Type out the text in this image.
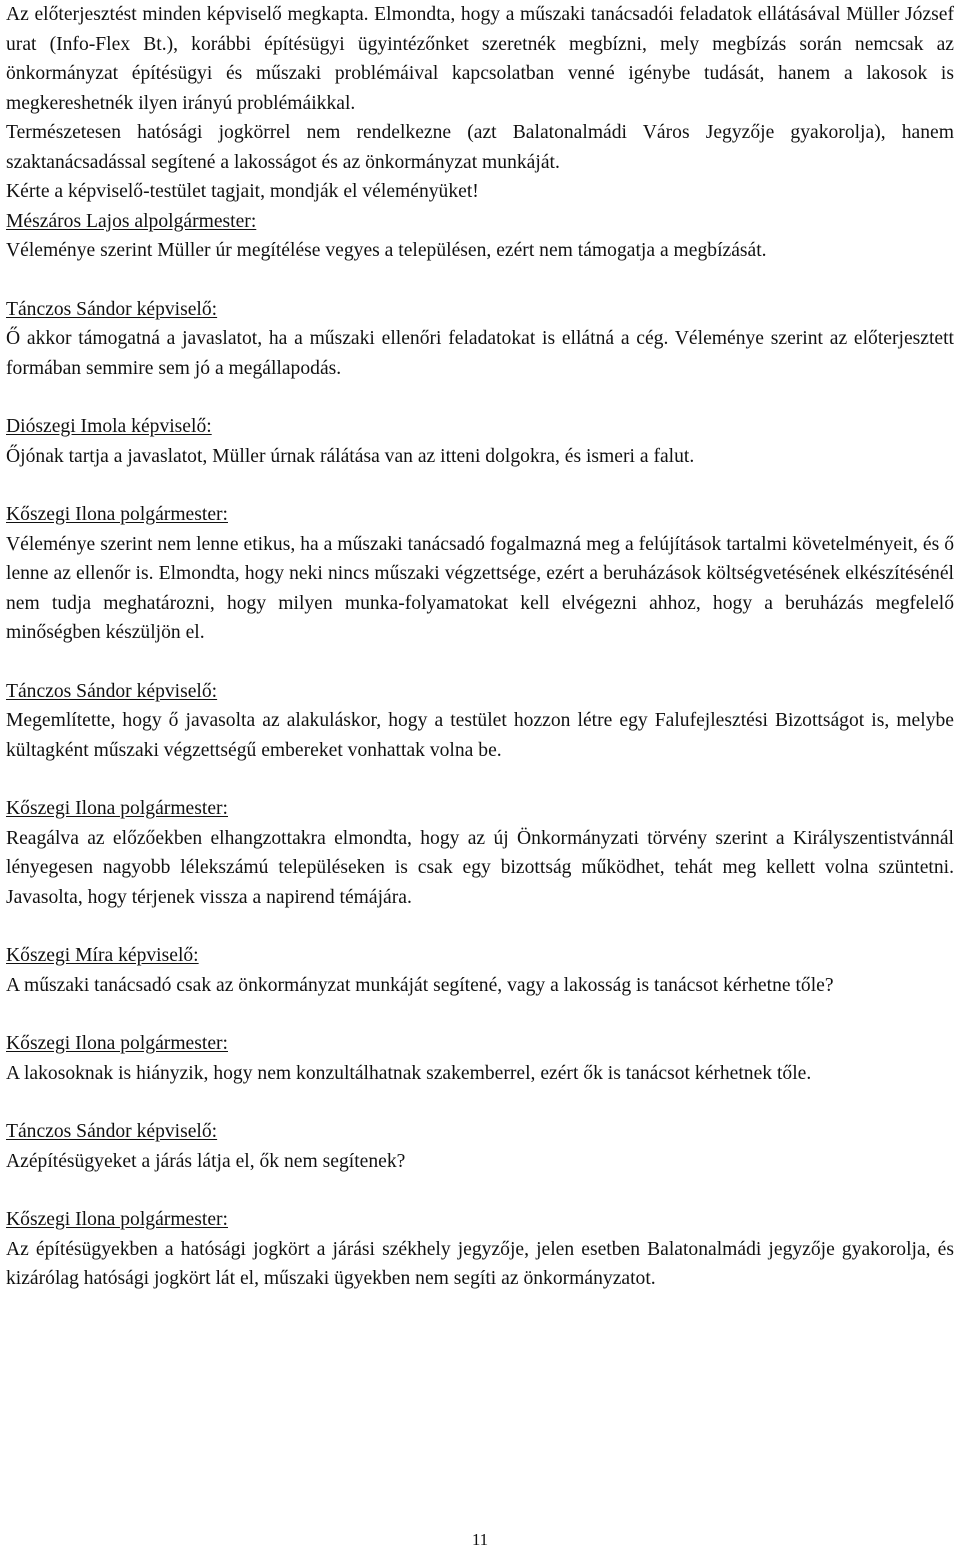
Az előterjesztést minden képviselő megkapta. Elmondta, hogy a műszaki tanácsadói feladatok ellátásával Müller József urat (Info-Flex Bt.), korábbi építésügyi ügyintézőnket szeretnék megbízni, mely megbízás során nemcsak az önkormányzat építésügyi és műszaki problémáival kapcsolatban venné igénybe tudását, hanem a lakosok is megkereshetnék ilyen irányú problémáikkal.

Természetesen hatósági jogkörrel nem rendelkezne (azt Balatonalmádi Város Jegyzője gyakorolja), hanem szaktanácsadással segítené a lakosságot és az önkormányzat munkáját.

Kérte a képviselő-testület tagjait, mondják el véleményüket!

Mészáros Lajos alpolgármester:

Véleménye szerint Müller úr megítélése vegyes a településen, ezért nem támogatja a megbízását.

Tánczos Sándor képviselő:

Ő akkor támogatná a javaslatot, ha a műszaki ellenőri feladatokat is ellátná a cég. Véleménye szerint az előterjesztett formában semmire sem jó a megállapodás.

Diószegi Imola képviselő:

Őjónak tartja a javaslatot, Müller úrnak rálátása van az itteni dolgokra, és ismeri a falut.

Kőszegi Ilona polgármester:

Véleménye szerint nem lenne etikus, ha a műszaki tanácsadó fogalmazná meg a felújítások tartalmi követelményeit, és ő lenne az ellenőr is. Elmondta, hogy neki nincs műszaki végzettsége, ezért a beruházások költségvetésének elkészítésénél nem tudja meghatározni, hogy milyen munka-folyamatokat kell elvégezni ahhoz, hogy a beruházás megfelelő minőségben készüljön el.

Tánczos Sándor képviselő:

Megemlítette, hogy ő javasolta az alakuláskor, hogy a testület hozzon létre egy Falufejlesztési Bizottságot is, melybe kültagként műszaki végzettségű embereket vonhattak volna be.

Kőszegi Ilona polgármester:

Reagálva az előzőekben elhangzottakra elmondta, hogy az új Önkormányzati törvény szerint a Királyszentistvánnál lényegesen nagyobb lélekszámú településeken is csak egy bizottság működhet, tehát meg kellett volna szüntetni. Javasolta, hogy térjenek vissza a napirend témájára.

Kőszegi Míra képviselő:

A műszaki tanácsadó csak az önkormányzat munkáját segítené, vagy a lakosság is tanácsot kérhetne tőle?

Kőszegi Ilona polgármester:

A lakosoknak is hiányzik, hogy nem konzultálhatnak szakemberrel, ezért ők is tanácsot kérhetnek tőle.

Tánczos Sándor képviselő:

Azépítésügyeket a járás látja el, ők nem segítenek?

Kőszegi Ilona polgármester:

Az építésügyekben a hatósági jogkört a járási székhely jegyzője, jelen esetben Balatonalmádi jegyzője gyakorolja, és kizárólag hatósági jogkört lát el, műszaki ügyekben nem segíti az önkormányzatot.

11
